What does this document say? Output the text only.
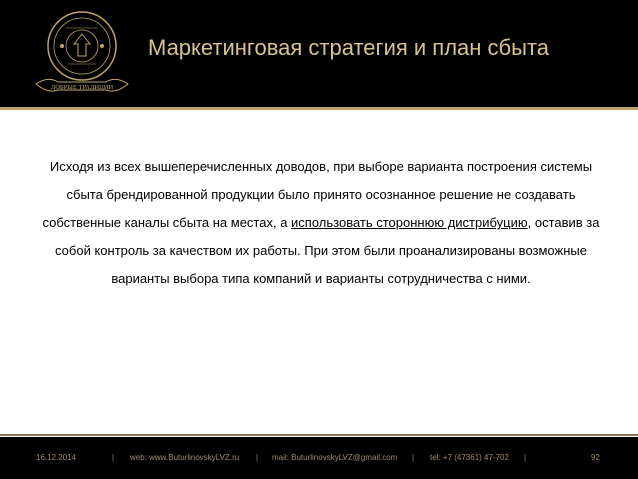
ДОБРЫЕ ТРАДИЦИИ
Маркетинговая стратегия и план сбыта
Исходя из всех вышеперечисленных доводов, при выборе варианта построения системы
сбыта брендированной продукции было принято осознанное решение не создавать
собственные каналы сбыта на местах, а использовать стороннюю дистрибуцию, оставив за
собой контроль за качеством их работы. При этом были проанализированы возможные
варианты выбора типа компаний и варианты сотрудничества с ними.
16.12.2014	| web: www.ButurlinovskyLVZ.ru | mail: ButurlinovskyLVZ@gmail.com | tel: +7 (47361) 47-702 |	92
